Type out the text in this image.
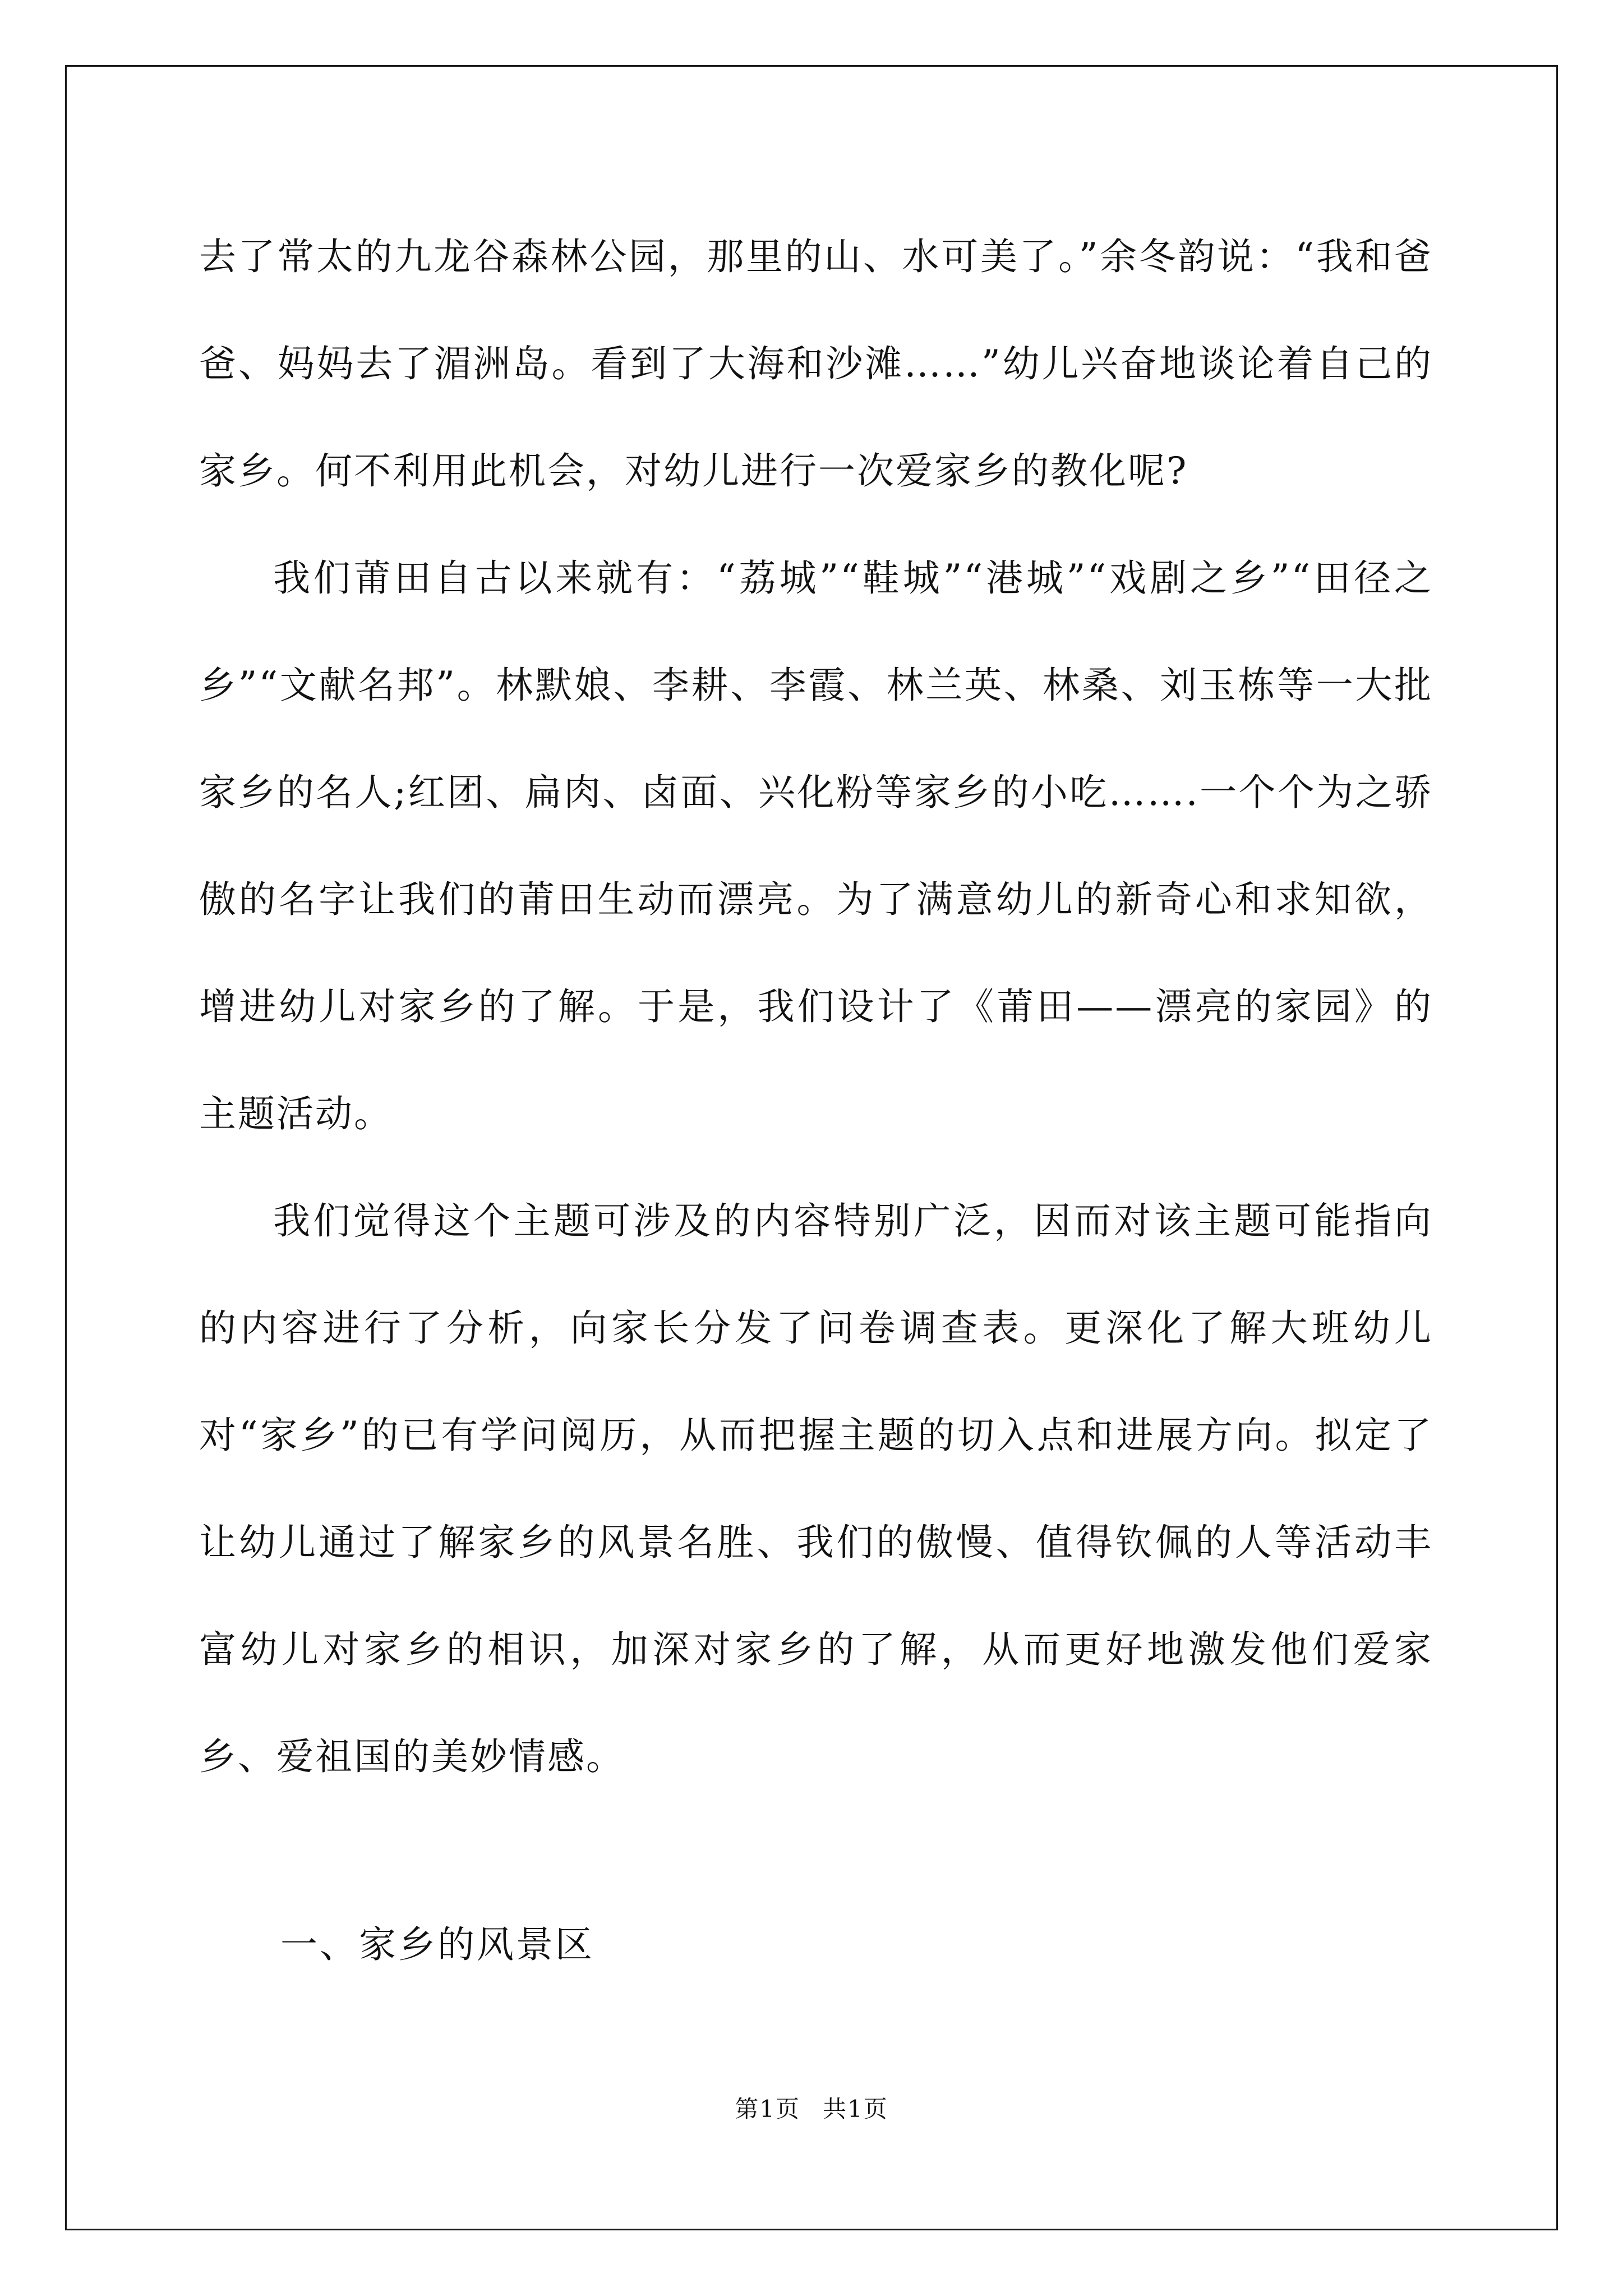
去了常太的九龙谷森林公园，那里的山、水可美了。”余冬韵说：“我和爸爸、妈妈去了湄洲岛。看到了大海和沙滩……”幼儿兴奋地谈论着自己的家乡。何不利用此机会，对幼儿进行一次爱家乡的教化呢?

我们莆田自古以来就有：“荔城”“鞋城”“港城”“戏剧之乡”“田径之乡”“文献名邦”。林默娘、李耕、李霞、林兰英、林桑、刘玉栋等一大批家乡的名人;红团、扁肉、卤面、兴化粉等家乡的小吃…….一个个为之骄傲的名字让我们的莆田生动而漂亮。为了满意幼儿的新奇心和求知欲，增进幼儿对家乡的了解。于是，我们设计了《莆田——漂亮的家园》的主题活动。

我们觉得这个主题可涉及的内容特别广泛，因而对该主题可能指向的内容进行了分析，向家长分发了问卷调查表。更深化了解大班幼儿对“家乡”的已有学问阅历，从而把握主题的切入点和进展方向。拟定了让幼儿通过了解家乡的风景名胜、我们的傲慢、值得钦佩的人等活动丰富幼儿对家乡的相识，加深对家乡的了解，从而更好地激发他们爱家乡、爱祖国的美妙情感。

一、家乡的风景区
第1页 共1页
